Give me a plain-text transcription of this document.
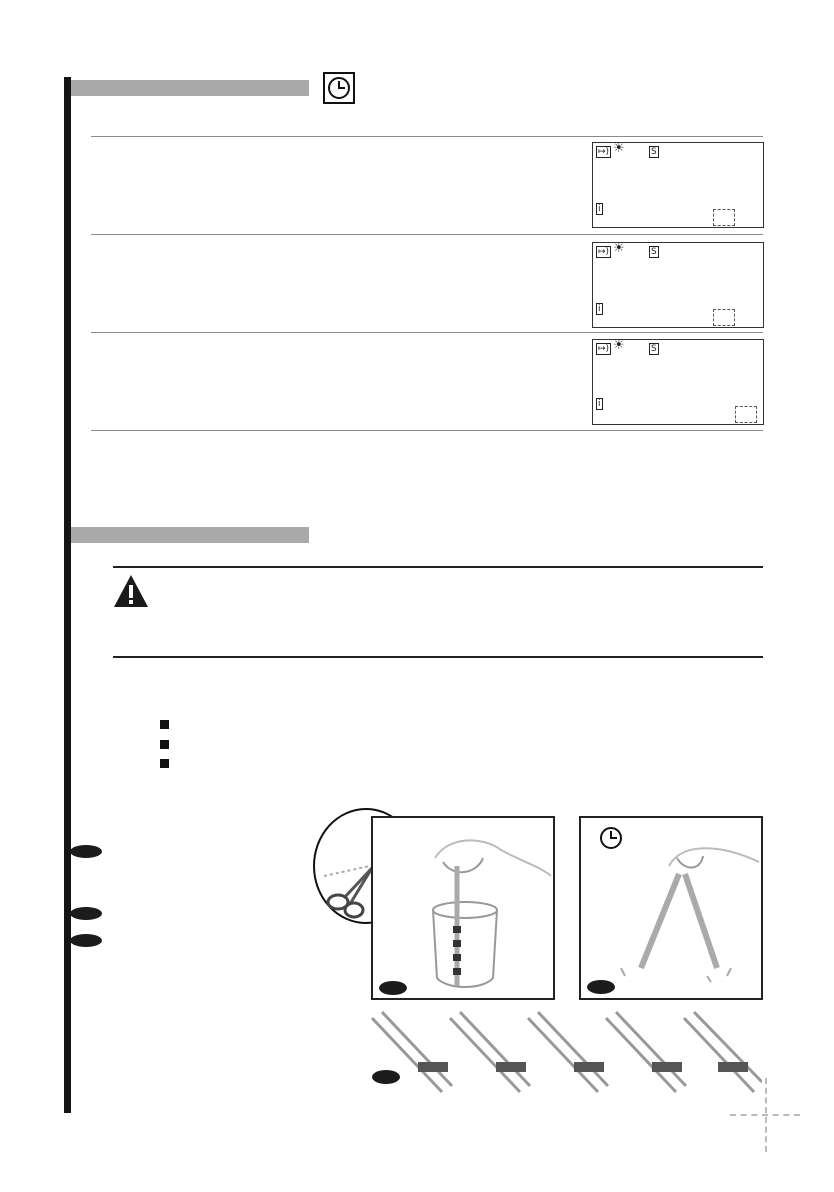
↦) ☀	S
i
↦) ☀	S
i
↦) ☀	S
i
